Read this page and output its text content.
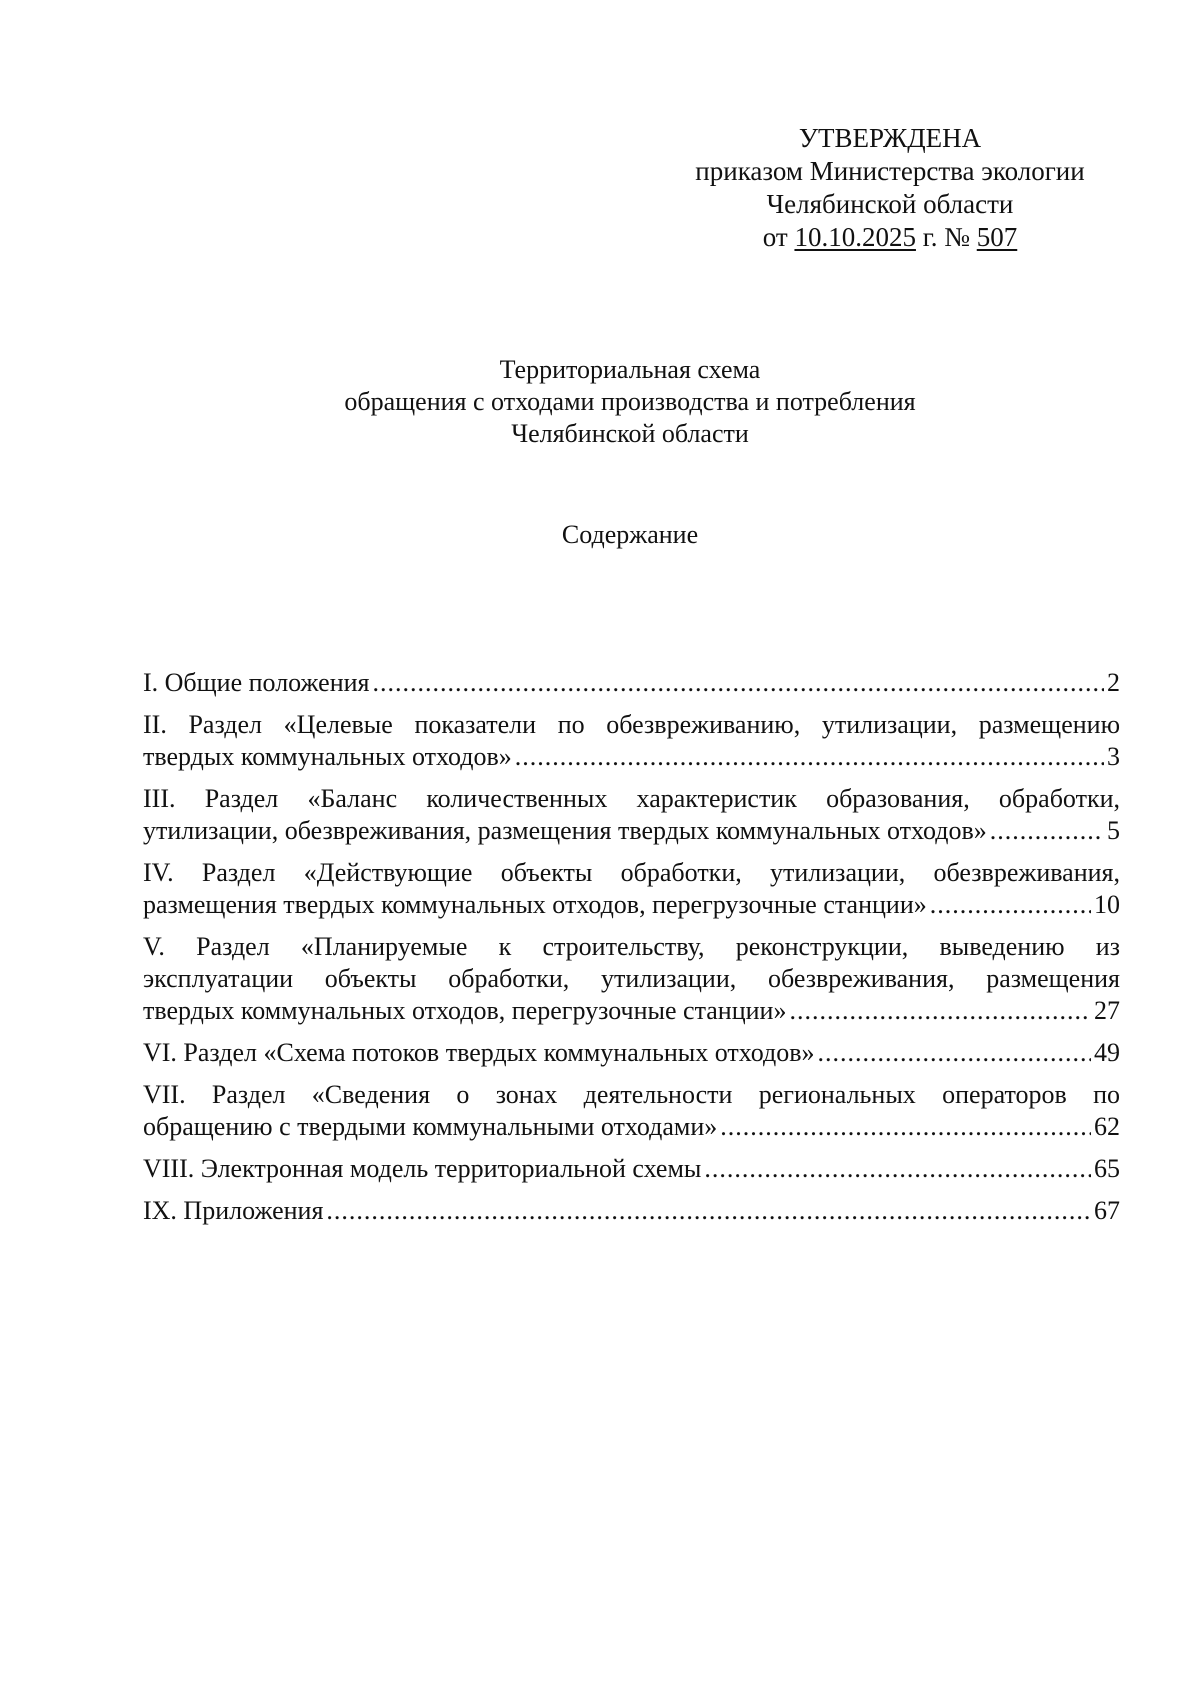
УТВЕРЖДЕНА
приказом Министерства экологии
Челябинской области
от 10.10.2025 г. № 507
Территориальная схема
обращения с отходами производства и потребления
Челябинской области
Содержание
I. Общие положения .....	2
II. Раздел «Целевые показатели по обезвреживанию, утилизации, размещению
твердых коммунальных отходов» .....	3
III. Раздел «Баланс количественных характеристик образования, обработки,
утилизации, обезвреживания, размещения твердых коммунальных отходов» .....	5
IV. Раздел «Действующие объекты обработки, утилизации, обезвреживания,
размещения твердых коммунальных отходов, перегрузочные станции» .....	10
V. Раздел «Планируемые к строительству, реконструкции, выведению из
эксплуатации объекты обработки, утилизации, обезвреживания, размещения
твердых коммунальных отходов, перегрузочные станции» .....	27
VI. Раздел «Схема потоков твердых коммунальных отходов» .....	49
VII. Раздел «Сведения о зонах деятельности региональных операторов по
обращению с твердыми коммунальными отходами» .....	62
VIII. Электронная модель территориальной схемы .....	65
IX. Приложения .....	67
